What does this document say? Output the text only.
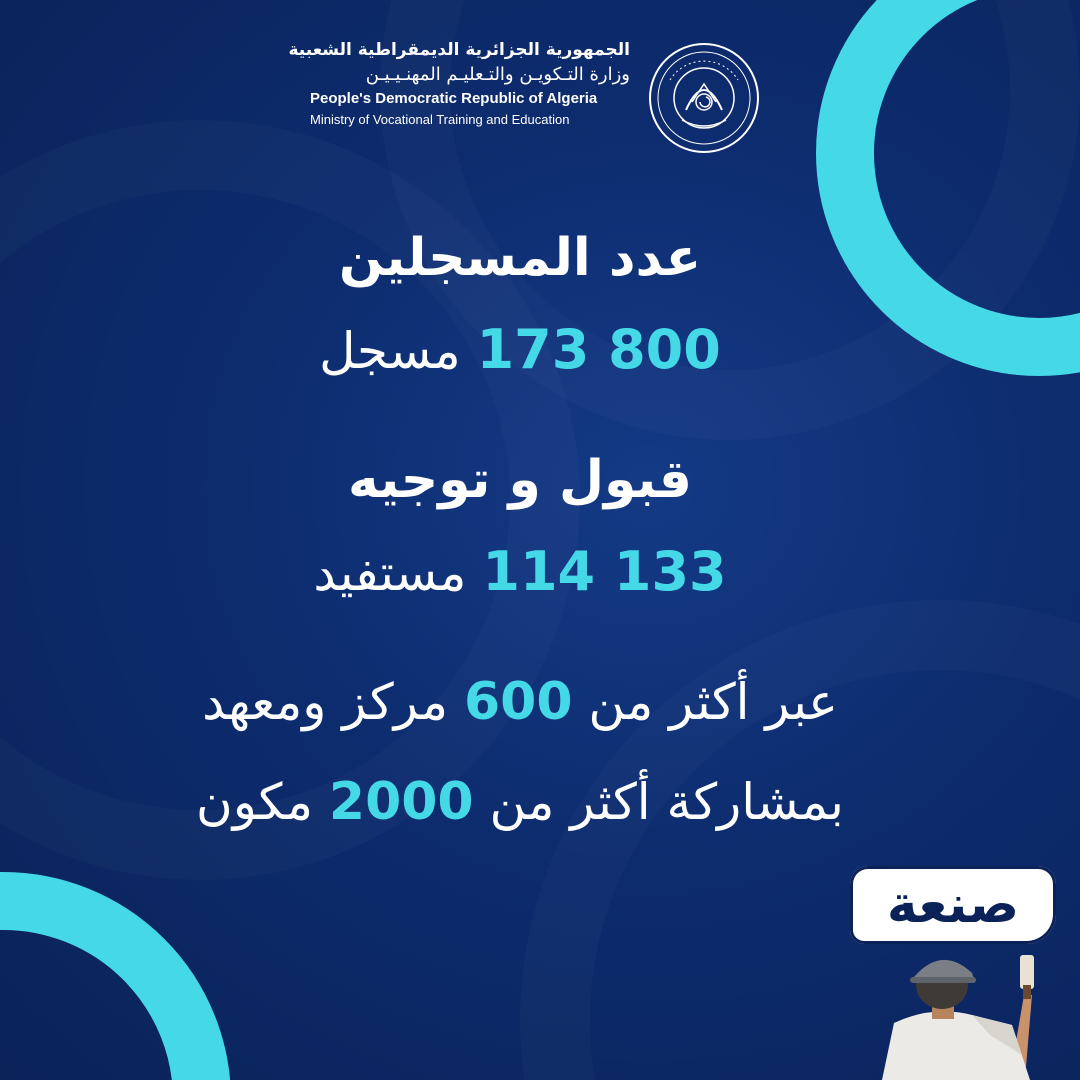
الجمهورية الجزائرية الديمقراطية الشعبية
وزارة التـكويـن والتـعليـم المهنـيـيـن
People's Democratic Republic of Algeria
Ministry of Vocational Training and Education
عدد المسجلين
173 800 مسجل
قبول و توجيه
114 133 مستفيد
عبر أكثر من 600 مركز ومعهد
بمشاركة أكثر من 2000 مكون
صنعة
